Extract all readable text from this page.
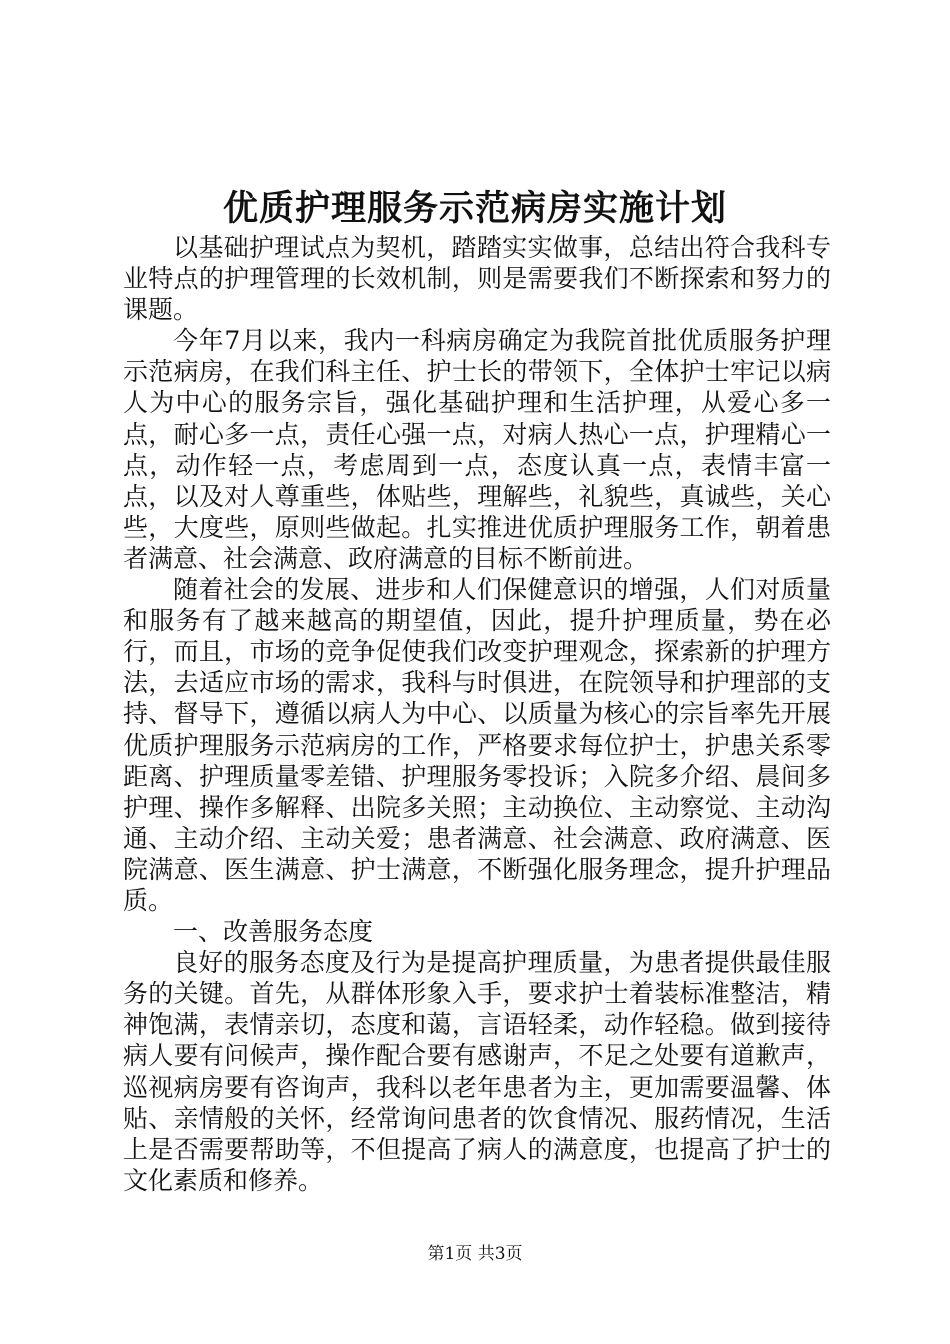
优质护理服务示范病房实施计划

以基础护理试点为契机，踏踏实实做事，总结出符合我科专业特点的护理管理的长效机制，则是需要我们不断探索和努力的课题。

今年7月以来，我内一科病房确定为我院首批优质服务护理示范病房，在我们科主任、护士长的带领下，全体护士牢记以病人为中心的服务宗旨，强化基础护理和生活护理，从爱心多一点，耐心多一点，责任心强一点，对病人热心一点，护理精心一点，动作轻一点，考虑周到一点，态度认真一点，表情丰富一点，以及对人尊重些，体贴些，理解些，礼貌些，真诚些，关心些，大度些，原则些做起。扎实推进优质护理服务工作，朝着患者满意、社会满意、政府满意的目标不断前进。

随着社会的发展、进步和人们保健意识的增强，人们对质量和服务有了越来越高的期望值，因此，提升护理质量，势在必行，而且，市场的竞争促使我们改变护理观念，探索新的护理方法，去适应市场的需求，我科与时俱进，在院领导和护理部的支持、督导下，遵循以病人为中心、以质量为核心的宗旨率先开展优质护理服务示范病房的工作，严格要求每位护士，护患关系零距离、护理质量零差错、护理服务零投诉；入院多介绍、晨间多护理、操作多解释、出院多关照；主动换位、主动察觉、主动沟通、主动介绍、主动关爱；患者满意、社会满意、政府满意、医院满意、医生满意、护士满意，不断强化服务理念，提升护理品质。

一、改善服务态度

良好的服务态度及行为是提高护理质量，为患者提供最佳服务的关键。首先，从群体形象入手，要求护士着装标准整洁，精神饱满，表情亲切，态度和蔼，言语轻柔，动作轻稳。做到接待病人要有问候声，操作配合要有感谢声，不足之处要有道歉声，巡视病房要有咨询声，我科以老年患者为主，更加需要温馨、体贴、亲情般的关怀，经常询问患者的饮食情况、服药情况，生活上是否需要帮助等，不但提高了病人的满意度，也提高了护士的文化素质和修养。

第1页 共3页
